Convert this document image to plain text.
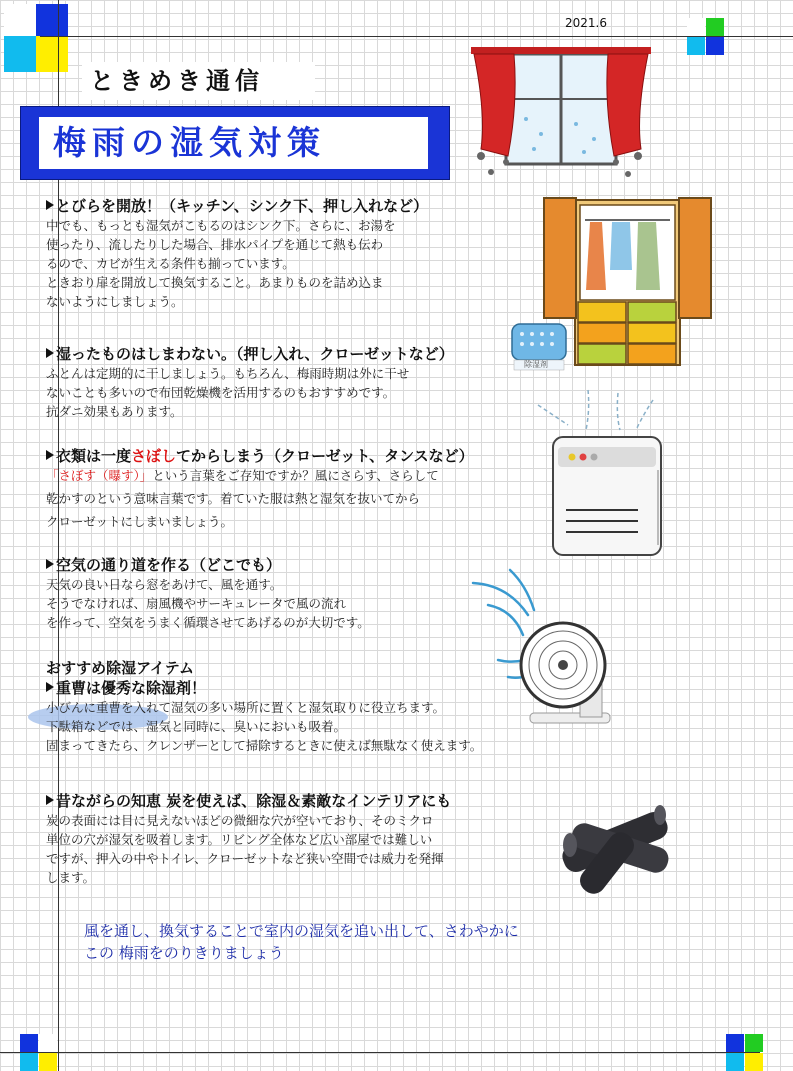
2021.6
ときめき通信
梅雨の湿気対策
除湿剤
とびらを開放！（キッチン、シンク下、押し入れなど）
中でも、もっとも湿気がこもるのはシンク下。さらに、お湯を
使ったり、流したりした場合、排水パイプを通じて熱も伝わ
るので、カビが生える条件も揃っています。
ときおり扉を開放して換気すること。あまりものを詰め込ま
ないようにしましょう。
湿ったものはしまわない。（押し入れ、クローゼットなど）
ふとんは定期的に干しましょう。もちろん、梅雨時期は外に干せ
ないことも多いので布団乾燥機を活用するのもおすすめです。
抗ダニ効果もあります。
衣類は一度さぼしてからしまう（クローゼット、タンスなど）
「さぼす（曝す）」という言葉をご存知ですか？風にさらす、さらして
乾かすのという意味言葉です。着ていた服は熱と湿気を抜いてから
クローゼットにしまいましょう。
空気の通り道を作る（どこでも）
天気の良い日なら窓をあけて、風を通す。
そうでなければ、扇風機やサーキュレータで風の流れ
を作って、空気をうまく循環させてあげるのが大切です。
おすすめ除湿アイテム
重曹は優秀な除湿剤！
小びんに重曹を入れて湿気の多い場所に置くと湿気取りに役立ちます。
下駄箱などでは、湿気と同時に、臭いにおいも吸着。
固まってきたら、クレンザーとして掃除するときに使えば無駄なく使えます。
昔ながらの知恵 炭を使えば、除湿＆素敵なインテリアにも
炭の表面には目に見えないほどの微細な穴が空いており、そのミクロ
単位の穴が湿気を吸着します。リビング全体など広い部屋では難しい
ですが、押入の中やトイレ、クローゼットなど狭い空間では威力を発揮
します。
風を通し、換気することで室内の湿気を追い出して、さわやかに
この 梅雨をのりきりましょう
